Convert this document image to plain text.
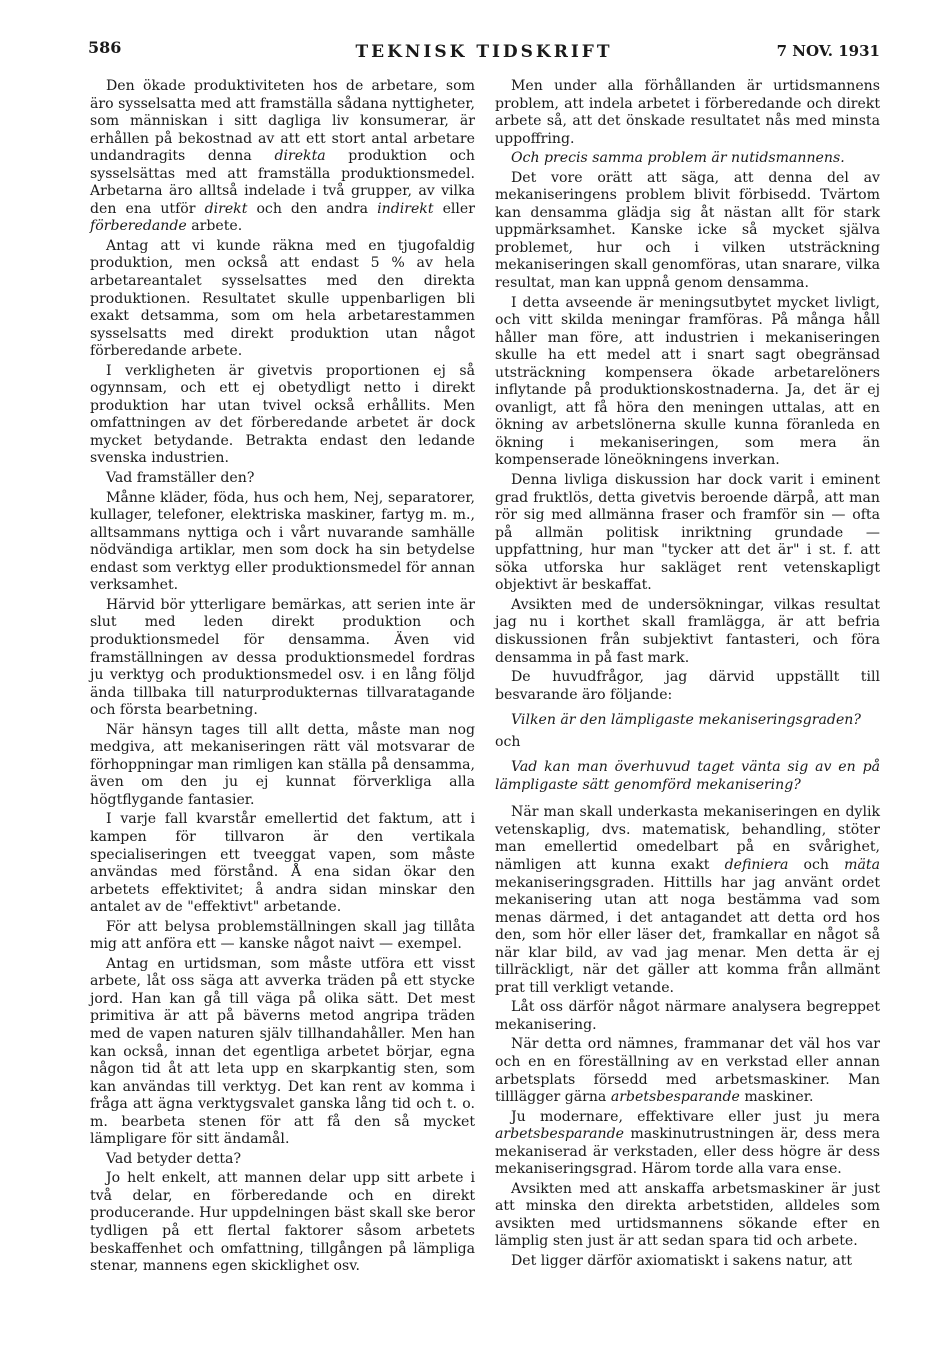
586	TEKNISK TIDSKRIFT	7 NOV. 1931

Den ökade produktiviteten hos de arbetare, som äro sysselsatta med att framställa sådana nyttigheter, som människan i sitt dagliga liv konsumerar, är erhållen på bekostnad av att ett stort antal arbetare undandragits denna direkta produktion och sysselsättas med att framställa produktionsmedel. Arbetarna äro alltså indelade i två grupper, av vilka den ena utför direkt och den andra indirekt eller förberedande arbete.

Antag att vi kunde räkna med en tjugofaldig produktion, men också att endast 5 % av hela arbetareantalet sysselsattes med den direkta produktionen. Resultatet skulle uppenbarligen bli exakt detsamma, som om hela arbetarestammen sysselsatts med direkt produktion utan något förberedande arbete.

I verkligheten är givetvis proportionen ej så ogynnsam, och ett ej obetydligt netto i direkt produktion har utan tvivel också erhållits. Men omfattningen av det förberedande arbetet är dock mycket betydande. Betrakta endast den ledande svenska industrien.

Vad framställer den?

Månne kläder, föda, hus och hem, Nej, separatorer, kullager, telefoner, elektriska maskiner, fartyg m. m., alltsammans nyttiga och i vårt nuvarande samhälle nödvändiga artiklar, men som dock ha sin betydelse endast som verktyg eller produktionsmedel för annan verksamhet.

Härvid bör ytterligare bemärkas, att serien inte är slut med leden direkt produktion och produktionsmedel för densamma. Även vid framställningen av dessa produktionsmedel fordras ju verktyg och produktionsmedel osv. i en lång följd ända tillbaka till naturprodukternas tillvaratagande och första bearbetning.

När hänsyn tages till allt detta, måste man nog medgiva, att mekaniseringen rätt väl motsvarar de förhoppningar man rimligen kan ställa på densamma, även om den ju ej kunnat förverkliga alla högtflygande fantasier.

I varje fall kvarstår emellertid det faktum, att i kampen för tillvaron är den vertikala specialiseringen ett tveeggat vapen, som måste användas med förstånd. Å ena sidan ökar den arbetets effektivitet; å andra sidan minskar den antalet av de "effektivt" arbetande.

För att belysa problemställningen skall jag tillåta mig att anföra ett — kanske något naivt — exempel.

Antag en urtidsman, som måste utföra ett visst arbete, låt oss säga att avverka träden på ett stycke jord. Han kan gå till väga på olika sätt. Det mest primitiva är att på bäverns metod angripa träden med de vapen naturen själv tillhandahåller. Men han kan också, innan det egentliga arbetet börjar, egna någon tid åt att leta upp en skarpkantig sten, som kan användas till verktyg. Det kan rent av komma i fråga att ägna verktygsvalet ganska lång tid och t. o. m. bearbeta stenen för att få den så mycket lämpligare för sitt ändamål.

Vad betyder detta?

Jo helt enkelt, att mannen delar upp sitt arbete i två delar, en förberedande och en direkt producerande. Hur uppdelningen bäst skall ske beror tydligen på ett flertal faktorer såsom arbetets beskaffenhet och omfattning, tillgången på lämpliga stenar, mannens egen skicklighet osv.

Men under alla förhållanden är urtidsmannens problem, att indela arbetet i förberedande och direkt arbete så, att det önskade resultatet nås med minsta uppoffring.

Och precis samma problem är nutidsmannens.

Det vore orätt att säga, att denna del av mekaniseringens problem blivit förbisedd. Tvärtom kan densamma glädja sig åt nästan allt för stark uppmärksamhet. Kanske icke så mycket själva problemet, hur och i vilken utsträckning mekaniseringen skall genomföras, utan snarare, vilka resultat, man kan uppnå genom densamma.

I detta avseende är meningsutbytet mycket livligt, och vitt skilda meningar framföras. På många håll håller man före, att industrien i mekaniseringen skulle ha ett medel att i snart sagt obegränsad utsträckning kompensera ökade arbetarelöners inflytande på produktionskostnaderna. Ja, det är ej ovanligt, att få höra den meningen uttalas, att en ökning av arbetslönerna skulle kunna föranleda en ökning i mekaniseringen, som mera än kompenserade löneökningens inverkan.

Denna livliga diskussion har dock varit i eminent grad fruktlös, detta givetvis beroende därpå, att man rör sig med allmänna fraser och framför sin — ofta på allmän politisk inriktning grundade — uppfattning, hur man "tycker att det är" i st. f. att söka utforska hur sakläget rent vetenskapligt objektivt är beskaffat.

Avsikten med de undersökningar, vilkas resultat jag nu i korthet skall framlägga, är att befria diskussionen från subjektivt fantasteri, och föra densamma in på fast mark.

De huvudfrågor, jag därvid uppställt till besvarande äro följande:

Vilken är den lämpligaste mekaniseringsgraden?

och

Vad kan man överhuvud taget vänta sig av en på lämpligaste sätt genomförd mekanisering?

När man skall underkasta mekaniseringen en dylik vetenskaplig, dvs. matematisk, behandling, stöter man emellertid omedelbart på en svårighet, nämligen att kunna exakt definiera och mäta mekaniseringsgraden. Hittills har jag använt ordet mekanisering utan att noga bestämma vad som menas därmed, i det antagandet att detta ord hos den, som hör eller läser det, framkallar en något så när klar bild, av vad jag menar. Men detta är ej tillräckligt, när det gäller att komma från allmänt prat till verkligt vetande.

Låt oss därför något närmare analysera begreppet mekanisering.

När detta ord nämnes, frammanar det väl hos var och en en föreställning av en verkstad eller annan arbetsplats försedd med arbetsmaskiner. Man tilllägger gärna arbetsbesparande maskiner.

Ju modernare, effektivare eller just ju mera arbetsbesparande maskinutrustningen är, dess mera mekaniserad är verkstaden, eller dess högre är dess mekaniseringsgrad. Härom torde alla vara ense.

Avsikten med att anskaffa arbetsmaskiner är just att minska den direkta arbetstiden, alldeles som avsikten med urtidsmannens sökande efter en lämplig sten just är att sedan spara tid och arbete.

Det ligger därför axiomatiskt i sakens natur, att
